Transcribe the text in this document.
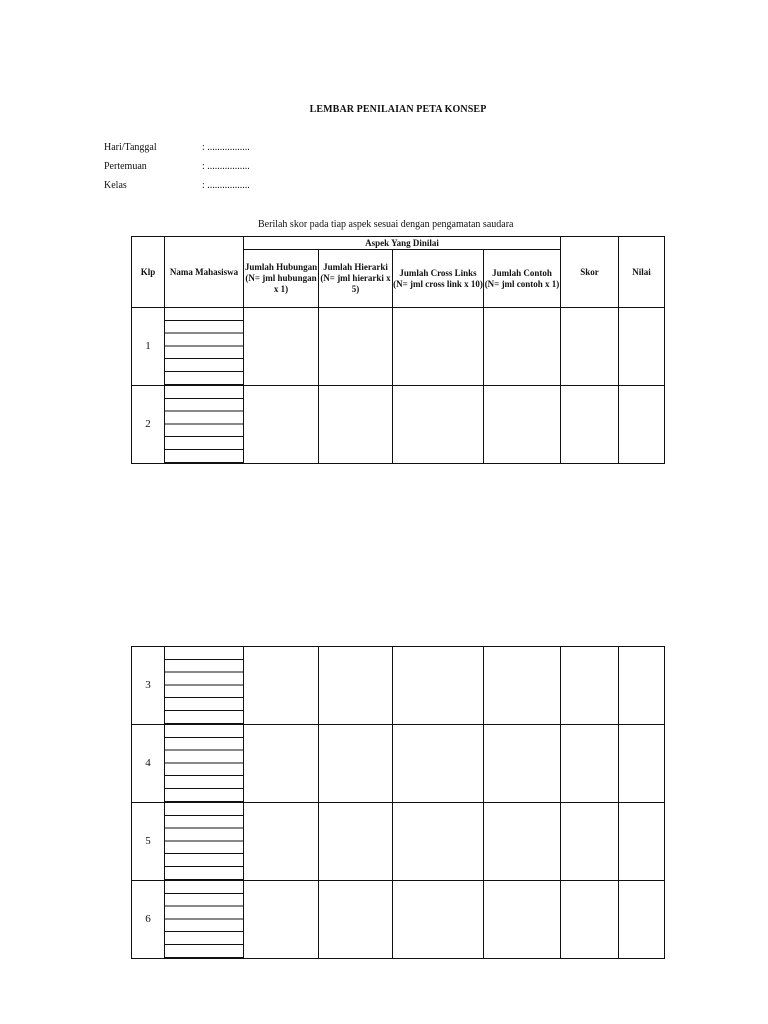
LEMBAR PENILAIAN PETA KONSEP
Hari/Tanggal	: .................
Pertemuan	: .................
Kelas	: .................
Berilah skor pada tiap aspek sesuai dengan pengamatan saudara
Klp	Nama Mahasiswa	Aspek Yang Dinilai				Skor	Nilai
		Jumlah Hubungan (N= jml hubungan x 1)	Jumlah Hierarki (N= jml hierarki x 5)	Jumlah Cross Links (N= jml cross link x 10)	Jumlah Contoh (N= jml contoh x 1)		
1	

2	

3	

4	

5	

6	
